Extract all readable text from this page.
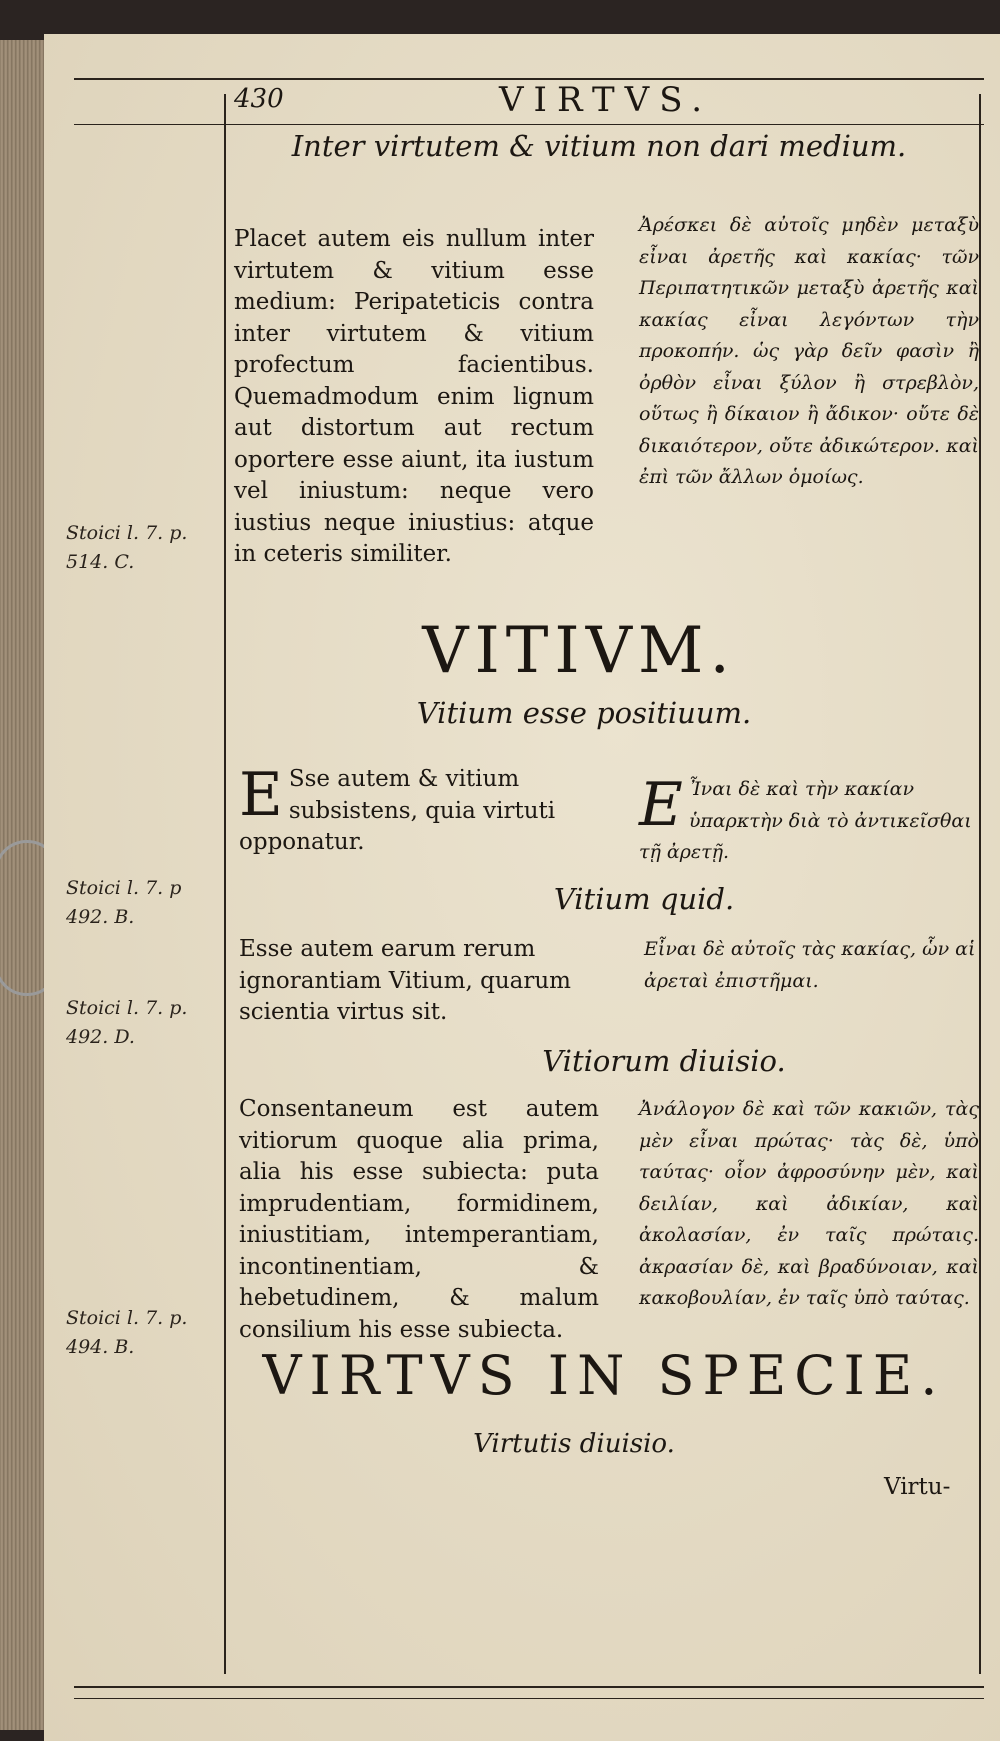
430	VIRTVS.
Inter virtutem & vitium non dari medium.

Placet autem eis nullum inter virtutem & vitium esse medium: Peripateticis contra inter virtutem & vitium profectum facientibus. Quemadmodum enim lignum aut distortum aut rectum oportere esse aiunt, ita iustum vel iniustum: neque vero iustius neque iniustius: atque in ceteris similiter.

Ἀρέσκει δὲ αὐτοῖς μηδὲν μεταξὺ εἶναι ἀρετῆς καὶ κακίας· τῶν Περιπατητικῶν μεταξὺ ἀρετῆς καὶ κακίας εἶναι λεγόντων τὴν προκοπήν. ὡς γὰρ δεῖν φασὶν ἢ ὀρθὸν εἶναι ξύλον ἢ στρεβλὸν, οὕτως ἢ δίκαιον ἢ ἄδικον· οὔτε δὲ δικαιότερον, οὔτε ἀδικώτερον. καὶ ἐπὶ τῶν ἄλλων ὁμοίως.

VITIVM.
Vitium esse positiuum.
E Sse autem & vitium subsistens, quia virtuti opponatur.
E Ἶναι δὲ καὶ τὴν κακίαν ὑπαρκτὴν διὰ τὸ ἀντικεῖσθαι τῇ ἀρετῇ.
Vitium quid.

Esse autem earum rerum ignorantiam Vitium, quarum scientia virtus sit.

Εἶναι δὲ αὐτοῖς τὰς κακίας, ὧν αἱ ἀρεταὶ ἐπιστῆμαι.

Vitiorum diuisio.

Consentaneum est autem vitiorum quoque alia prima, alia his esse subiecta: puta imprudentiam, formidinem, iniustitiam, intemperantiam, incontinentiam, & hebetudinem, & malum consilium his esse subiecta.

Ἀνάλογον δὲ καὶ τῶν κακιῶν, τὰς μὲν εἶναι πρώτας· τὰς δὲ, ὑπὸ ταύτας· οἷον ἀφροσύνην μὲν, καὶ δειλίαν, καὶ ἀδικίαν, καὶ ἀκολασίαν, ἐν ταῖς πρώταις. ἀκρασίαν δὲ, καὶ βραδύνοιαν, καὶ κακοβουλίαν, ἐν ταῖς ὑπὸ ταύτας.

VIRTVS IN SPECIE.
Virtutis diuisio.
Virtu-
Stoici l. 7. p. 514. C.
Stoici l. 7. p 492. B.
Stoici l. 7. p. 492. D.
Stoici l. 7. p. 494. B.
